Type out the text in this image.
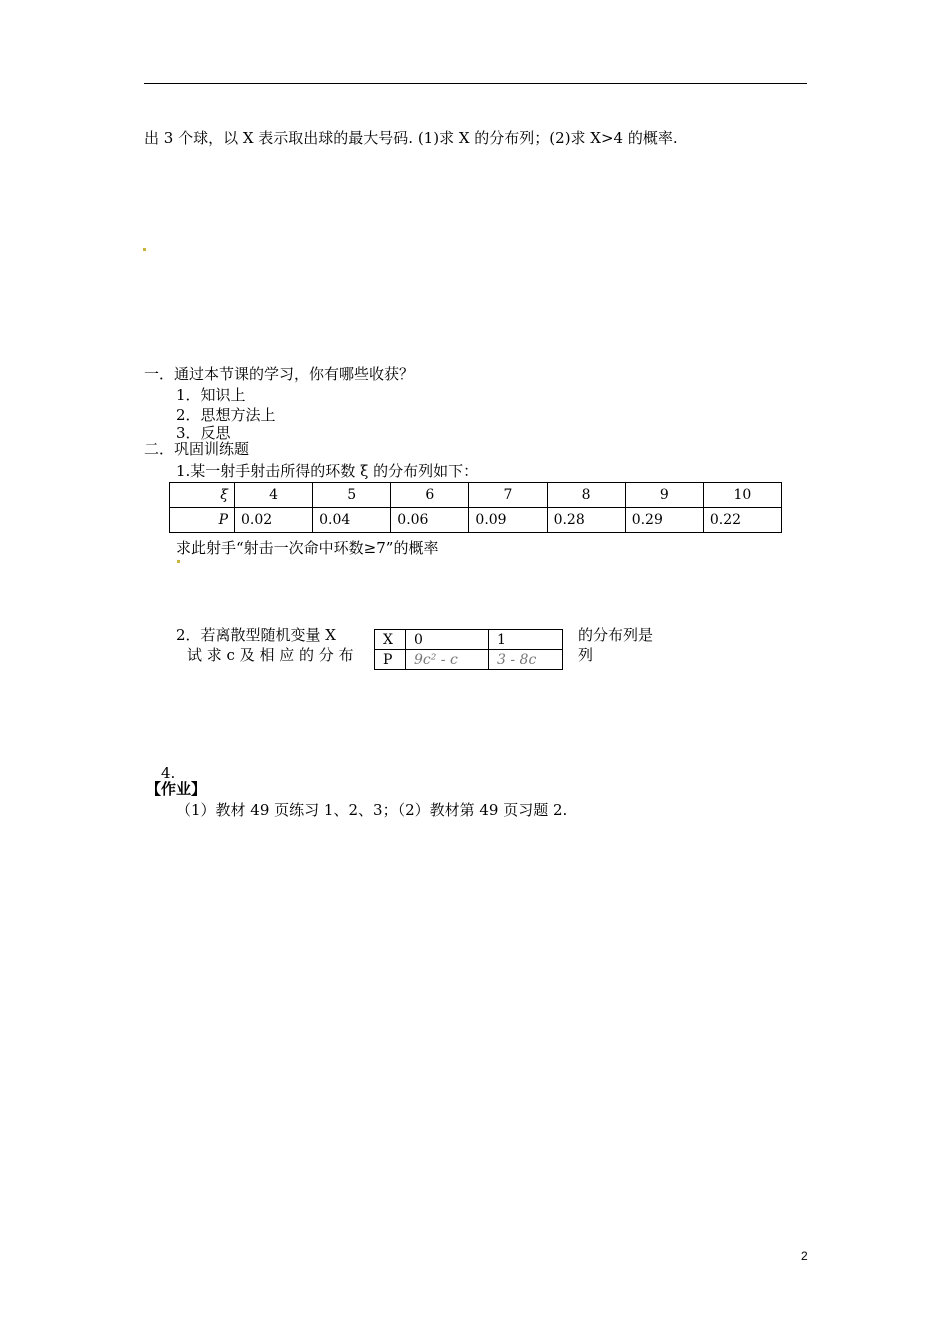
出 3 个球，以 X 表示取出球的最大号码. (1)求 X 的分布列；(2)求 X>4 的概率.
一．通过本节课的学习，你有哪些收获？
1．知识上
2．思想方法上
3．反思
二．巩固训练题
1.某一射手射击所得的环数 ξ 的分布列如下：
ξ	4	5	6	7	8	9	10
P	0.02	0.04	0.06	0.09	0.28	0.29	0.22
求此射手“射击一次命中环数≥7”的概率
2．若离散型随机变量 X
试 求 c 及 相 应 的 分 布
X	0	1
P	9c² - c	3 - 8c
的分布列是
列
4.
【作业】
（1）教材 49 页练习 1、2、3；（2）教材第 49 页习题 2.
2
